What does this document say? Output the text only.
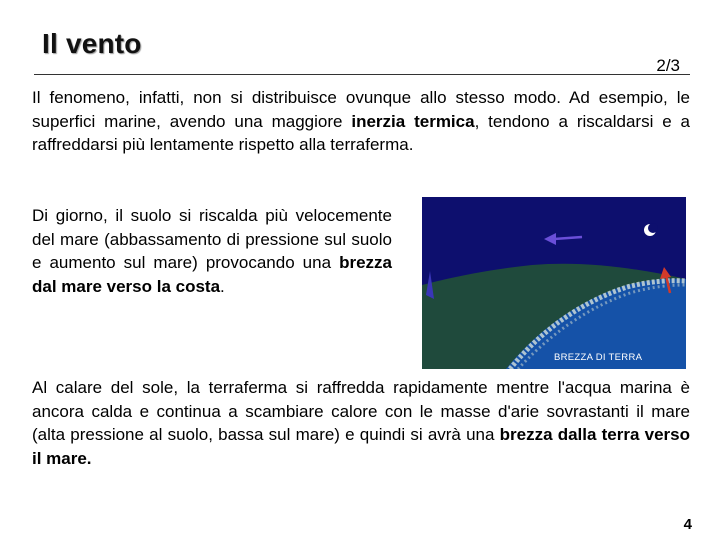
Il vento
2/3

Il fenomeno, infatti, non si distribuisce ovunque allo stesso modo. Ad esempio, le superfici marine, avendo una maggiore inerzia termica, tendono a riscaldarsi e a raffreddarsi più lentamente rispetto alla terraferma.

Di giorno, il suolo si riscalda più velocemente del mare (abbassamento di pressione sul suolo e aumento sul mare) provocando una brezza dal mare verso la costa.

BREZZA DI TERRA

Al calare del sole, la terraferma si raffredda rapidamente mentre l'acqua marina è ancora calda e continua a scambiare calore con le masse d'arie sovrastanti il mare (alta pressione al suolo, bassa sul mare) e quindi si avrà una brezza dalla terra verso il mare.

4
